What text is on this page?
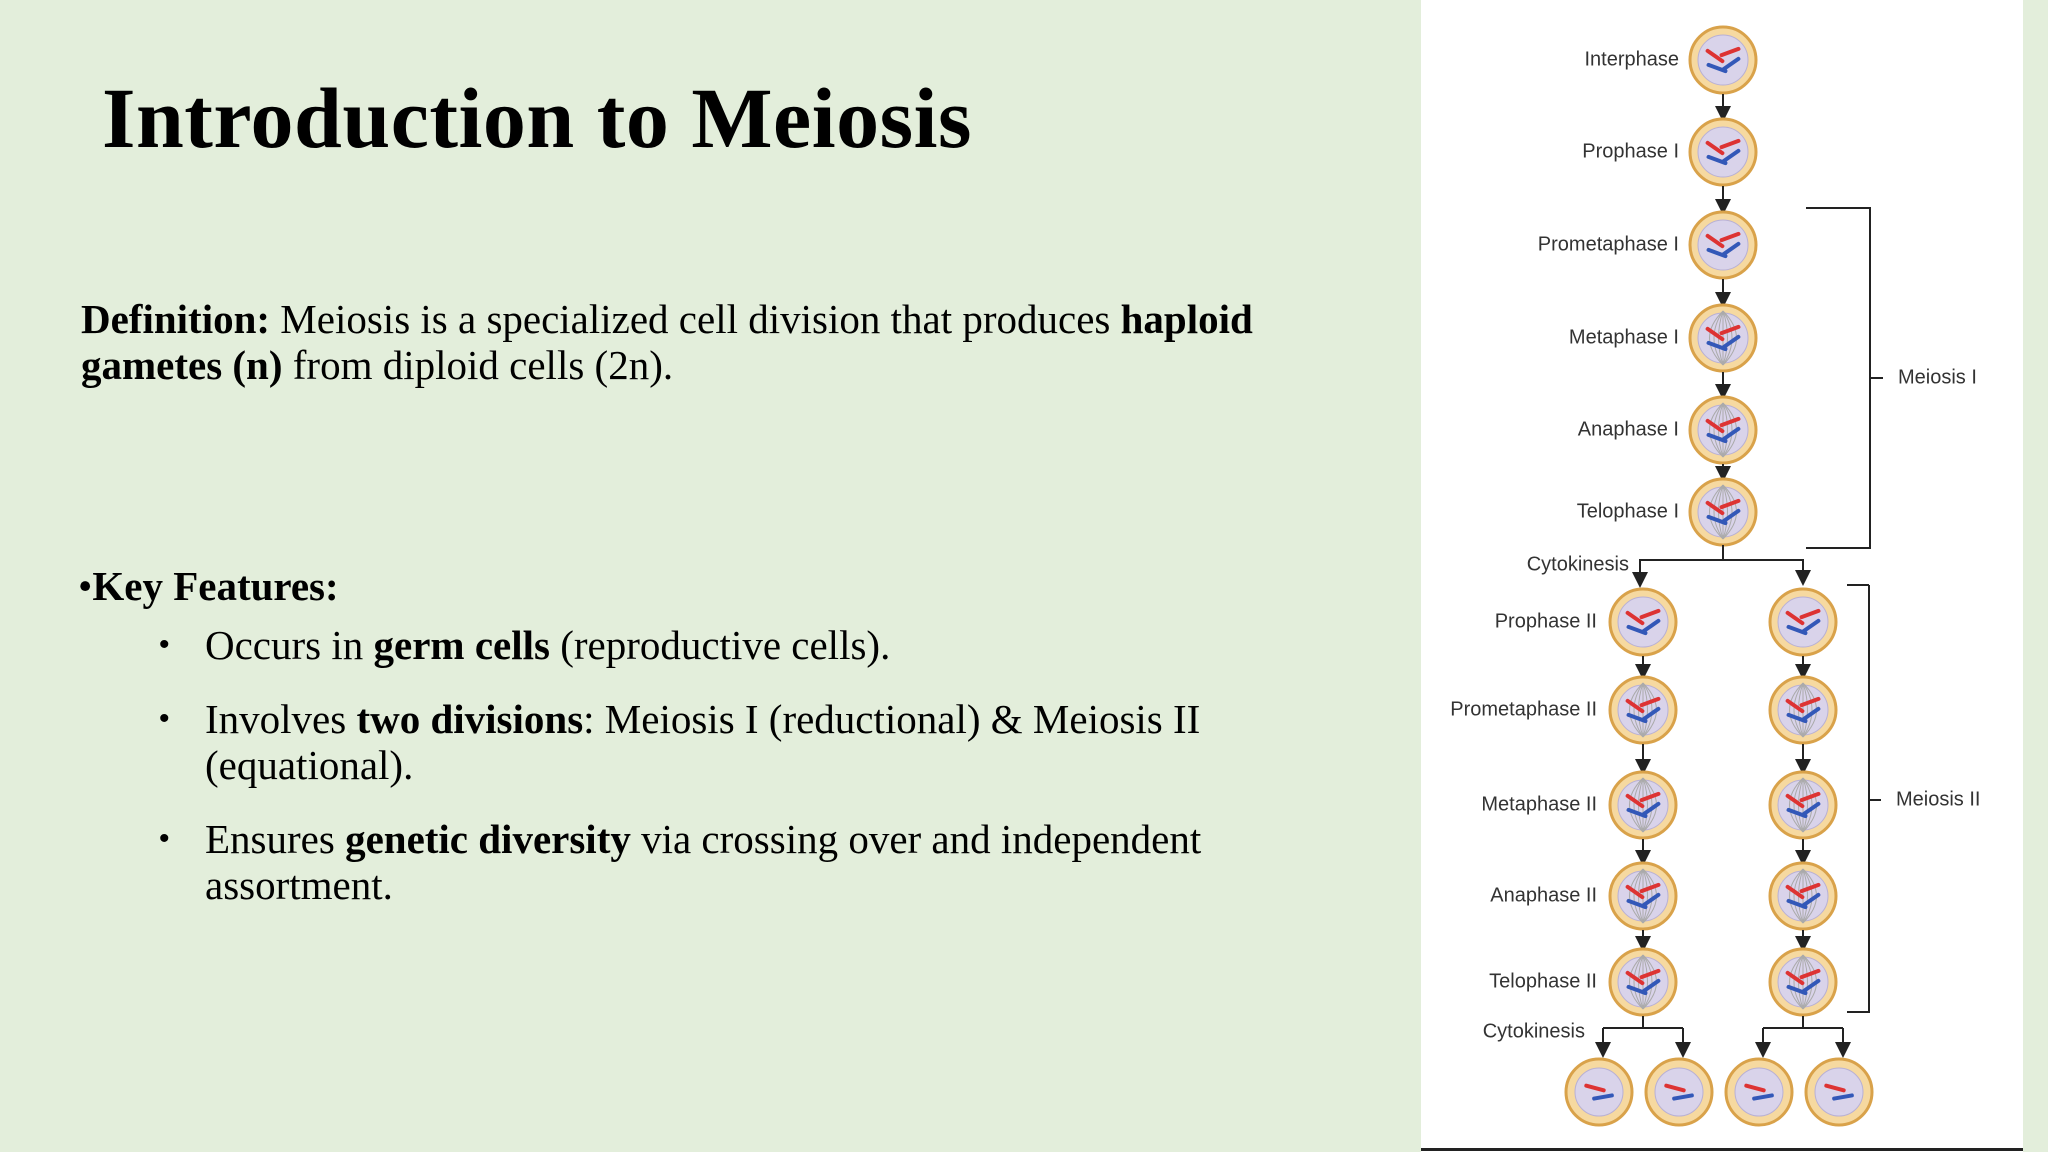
Introduction to Meiosis

Definition: Meiosis is a specialized cell division that produces haploid gametes (n) from diploid cells (2n).

•Key Features:
• Occurs in germ cells (reproductive cells).
• Involves two divisions: Meiosis I (reductional) & Meiosis II (equational).
• Ensures genetic diversity via crossing over and independent assortment.
Interphase
Prophase I
Prometaphase I
Metaphase I
Anaphase I
Telophase I
Meiosis I
Cytokinesis
Prophase II
Prometaphase II
Metaphase II
Anaphase II
Telophase II
Meiosis II
Cytokinesis
